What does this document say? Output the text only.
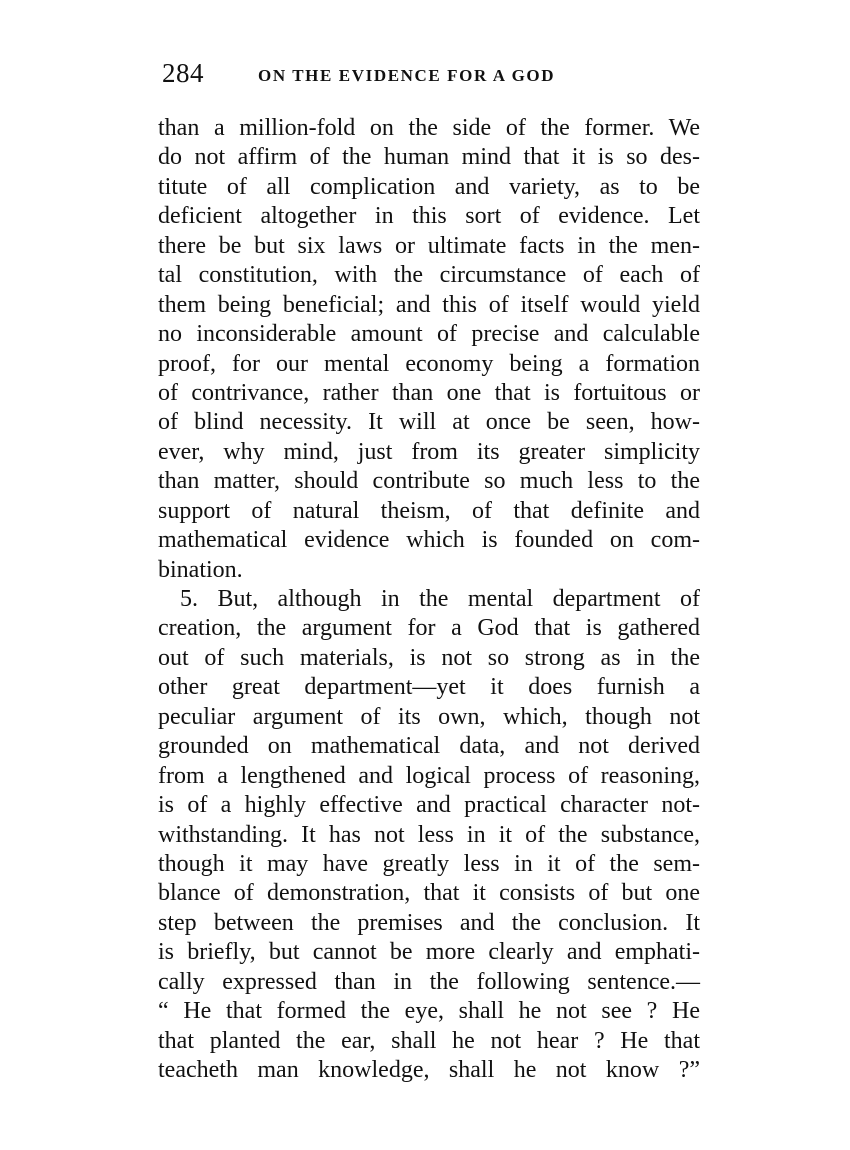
284	ON THE EVIDENCE FOR A GOD
than a million-fold on the side of the former. We
do not affirm of the human mind that it is so des-
titute of all complication and variety, as to be
deficient altogether in this sort of evidence. Let
there be but six laws or ultimate facts in the men-
tal constitution, with the circumstance of each of
them being beneficial; and this of itself would yield
no inconsiderable amount of precise and calculable
proof, for our mental economy being a formation
of contrivance, rather than one that is fortuitous or
of blind necessity. It will at once be seen, how-
ever, why mind, just from its greater simplicity
than matter, should contribute so much less to the
support of natural theism, of that definite and
mathematical evidence which is founded on com-
bination.
5. But, although in the mental department of
creation, the argument for a God that is gathered
out of such materials, is not so strong as in the
other great department—yet it does furnish a
peculiar argument of its own, which, though not
grounded on mathematical data, and not derived
from a lengthened and logical process of reasoning,
is of a highly effective and practical character not-
withstanding. It has not less in it of the substance,
though it may have greatly less in it of the sem-
blance of demonstration, that it consists of but one
step between the premises and the conclusion. It
is briefly, but cannot be more clearly and emphati-
cally expressed than in the following sentence.—
“ He that formed the eye, shall he not see ? He
that planted the ear, shall he not hear ? He that
teacheth man knowledge, shall he not know ?”
